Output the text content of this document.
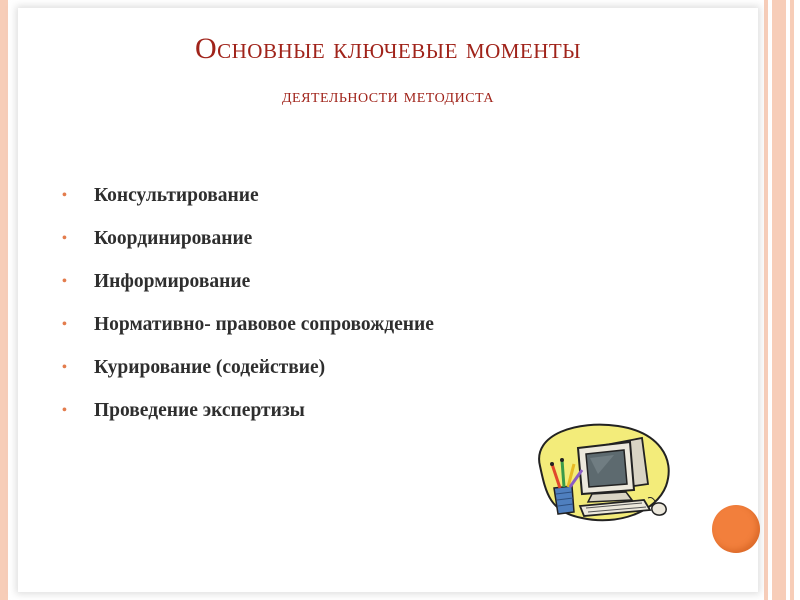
Основные ключевые моменты
деятельности методиста
• Консультирование
• Координирование
• Информирование
• Нормативно- правовое сопровождение
• Курирование (содействие)
• Проведение экспертизы
